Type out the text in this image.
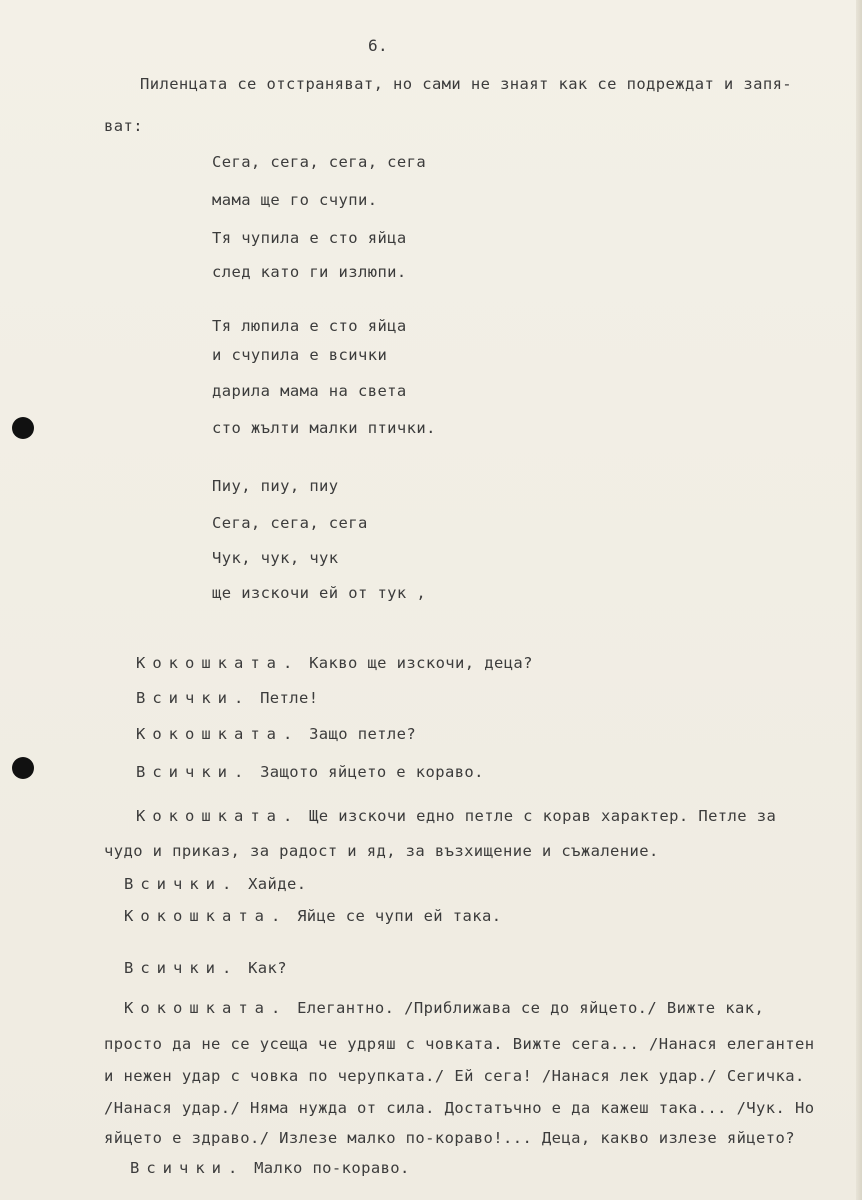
6.
Пиленцата се отстраняват, но сами не знаят как се подреждат и запя-
ват:
Сега, сега, сега, сега
мама ще го счупи.
Тя чупила е сто яйца
след като ги излюпи.
Тя люпила е сто яйца
и счупила е всички
дарила мама на света
сто жълти малки птички.
Пиу, пиу, пиу
Сега, сега, сега
Чук, чук, чук
ще изскочи ей от тук ,
Кокошката. Какво ще изскочи, деца?
Всички. Петле!
Кокошката. Защо петле?
Всички. Защото яйцето е кораво.
Кокошката. Ще изскочи едно петле с корав характер. Петле за
чудо и приказ, за радост и яд, за възхищение и съжаление.
Всички. Хайде.
Кокошката. Яйце се чупи ей така.
Всички. Как?
Кокошката. Елегантно. /Приближава се до яйцето./ Вижте как,
просто да не се усеща че удряш с човката. Вижте сега... /Нанася елегантен
и нежен удар с човка по черупката./ Ей сега! /Нанася лек удар./ Сегичка.
/Нанася удар./ Няма нужда от сила. Достатъчно е да кажеш така... /Чук. Но
яйцето е здраво./ Излезе малко по-кораво!... Деца, какво излезе яйцето?
Всички. Малко по-кораво.
